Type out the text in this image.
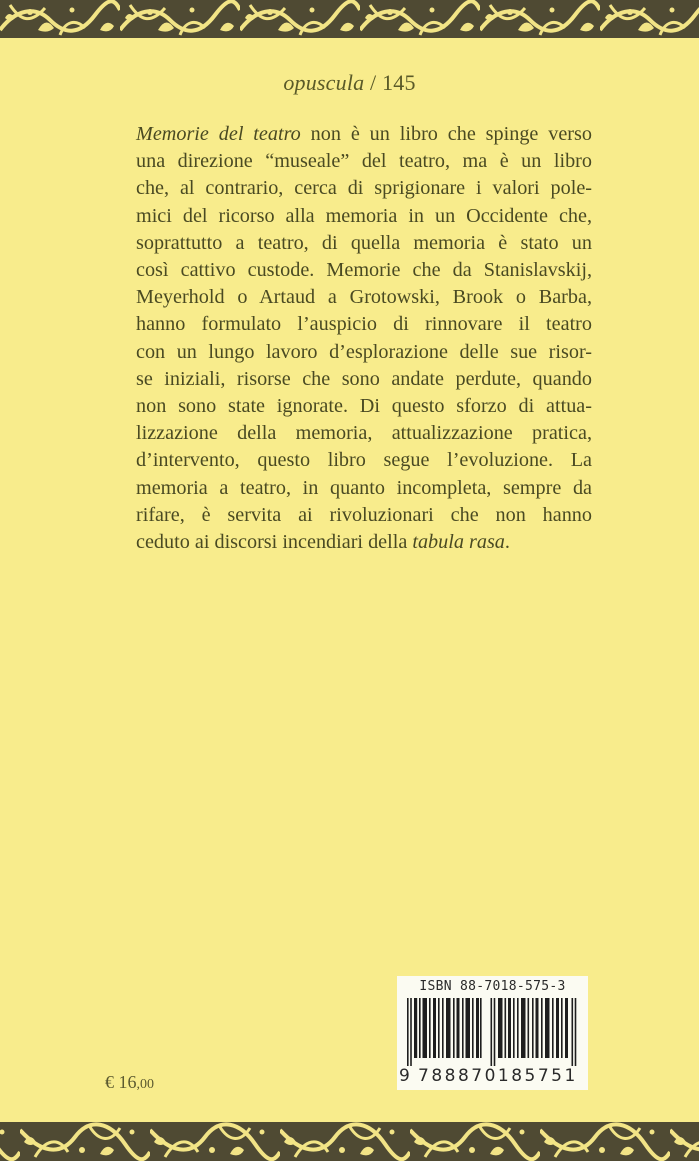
opuscula / 145
Memorie del teatro non è un libro che spinge verso
una direzione “museale” del teatro, ma è un libro
che, al contrario, cerca di sprigionare i valori pole-
mici del ricorso alla memoria in un Occidente che,
soprattutto a teatro, di quella memoria è stato un
così cattivo custode. Memorie che da Stanislavskij,
Meyerhold o Artaud a Grotowski, Brook o Barba,
hanno formulato l’auspicio di rinnovare il teatro
con un lungo lavoro d’esplorazione delle sue risor-
se iniziali, risorse che sono andate perdute, quando
non sono state ignorate. Di questo sforzo di attua-
lizzazione della memoria, attualizzazione pratica,
d’intervento, questo libro segue l’evoluzione. La
memoria a teatro, in quanto incompleta, sempre da
rifare, è servita ai rivoluzionari che non hanno
ceduto ai discorsi incendiari della tabula rasa.
€ 16,00
ISBN 88-7018-575-3
9 788870185751
